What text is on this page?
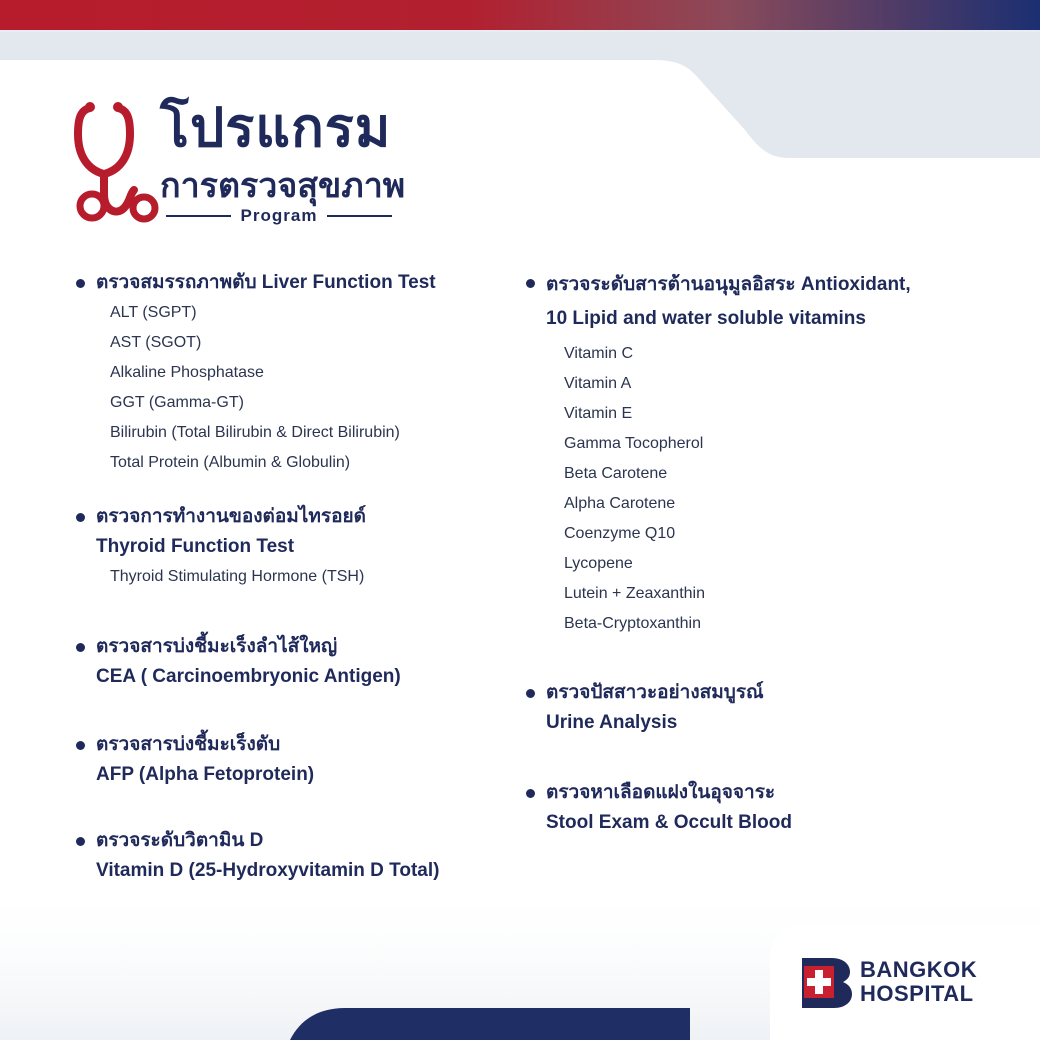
โปรแกรม
การตรวจสุขภาพ
Program
ตรวจสมรรถภาพตับ Liver Function Test
ALT (SGPT)
AST (SGOT)
Alkaline Phosphatase
GGT (Gamma-GT)
Bilirubin (Total Bilirubin & Direct Bilirubin)
Total Protein (Albumin & Globulin)
ตรวจการทำงานของต่อมไทรอยด์
Thyroid Function Test
Thyroid Stimulating Hormone (TSH)
ตรวจสารบ่งชี้มะเร็งลำไส้ใหญ่
CEA ( Carcinoembryonic Antigen)
ตรวจสารบ่งชี้มะเร็งตับ
AFP (Alpha Fetoprotein)
ตรวจระดับวิตามิน D
Vitamin D (25-Hydroxyvitamin D Total)
ตรวจระดับสารต้านอนุมูลอิสระ Antioxidant,
10 Lipid and water soluble vitamins
Vitamin C
Vitamin A
Vitamin E
Gamma Tocopherol
Beta Carotene
Alpha Carotene
Coenzyme Q10
Lycopene
Lutein + Zeaxanthin
Beta-Cryptoxanthin
ตรวจปัสสาวะอย่างสมบูรณ์
Urine Analysis
ตรวจหาเลือดแฝงในอุจจาระ
Stool Exam & Occult Blood
BANGKOK
HOSPITAL
